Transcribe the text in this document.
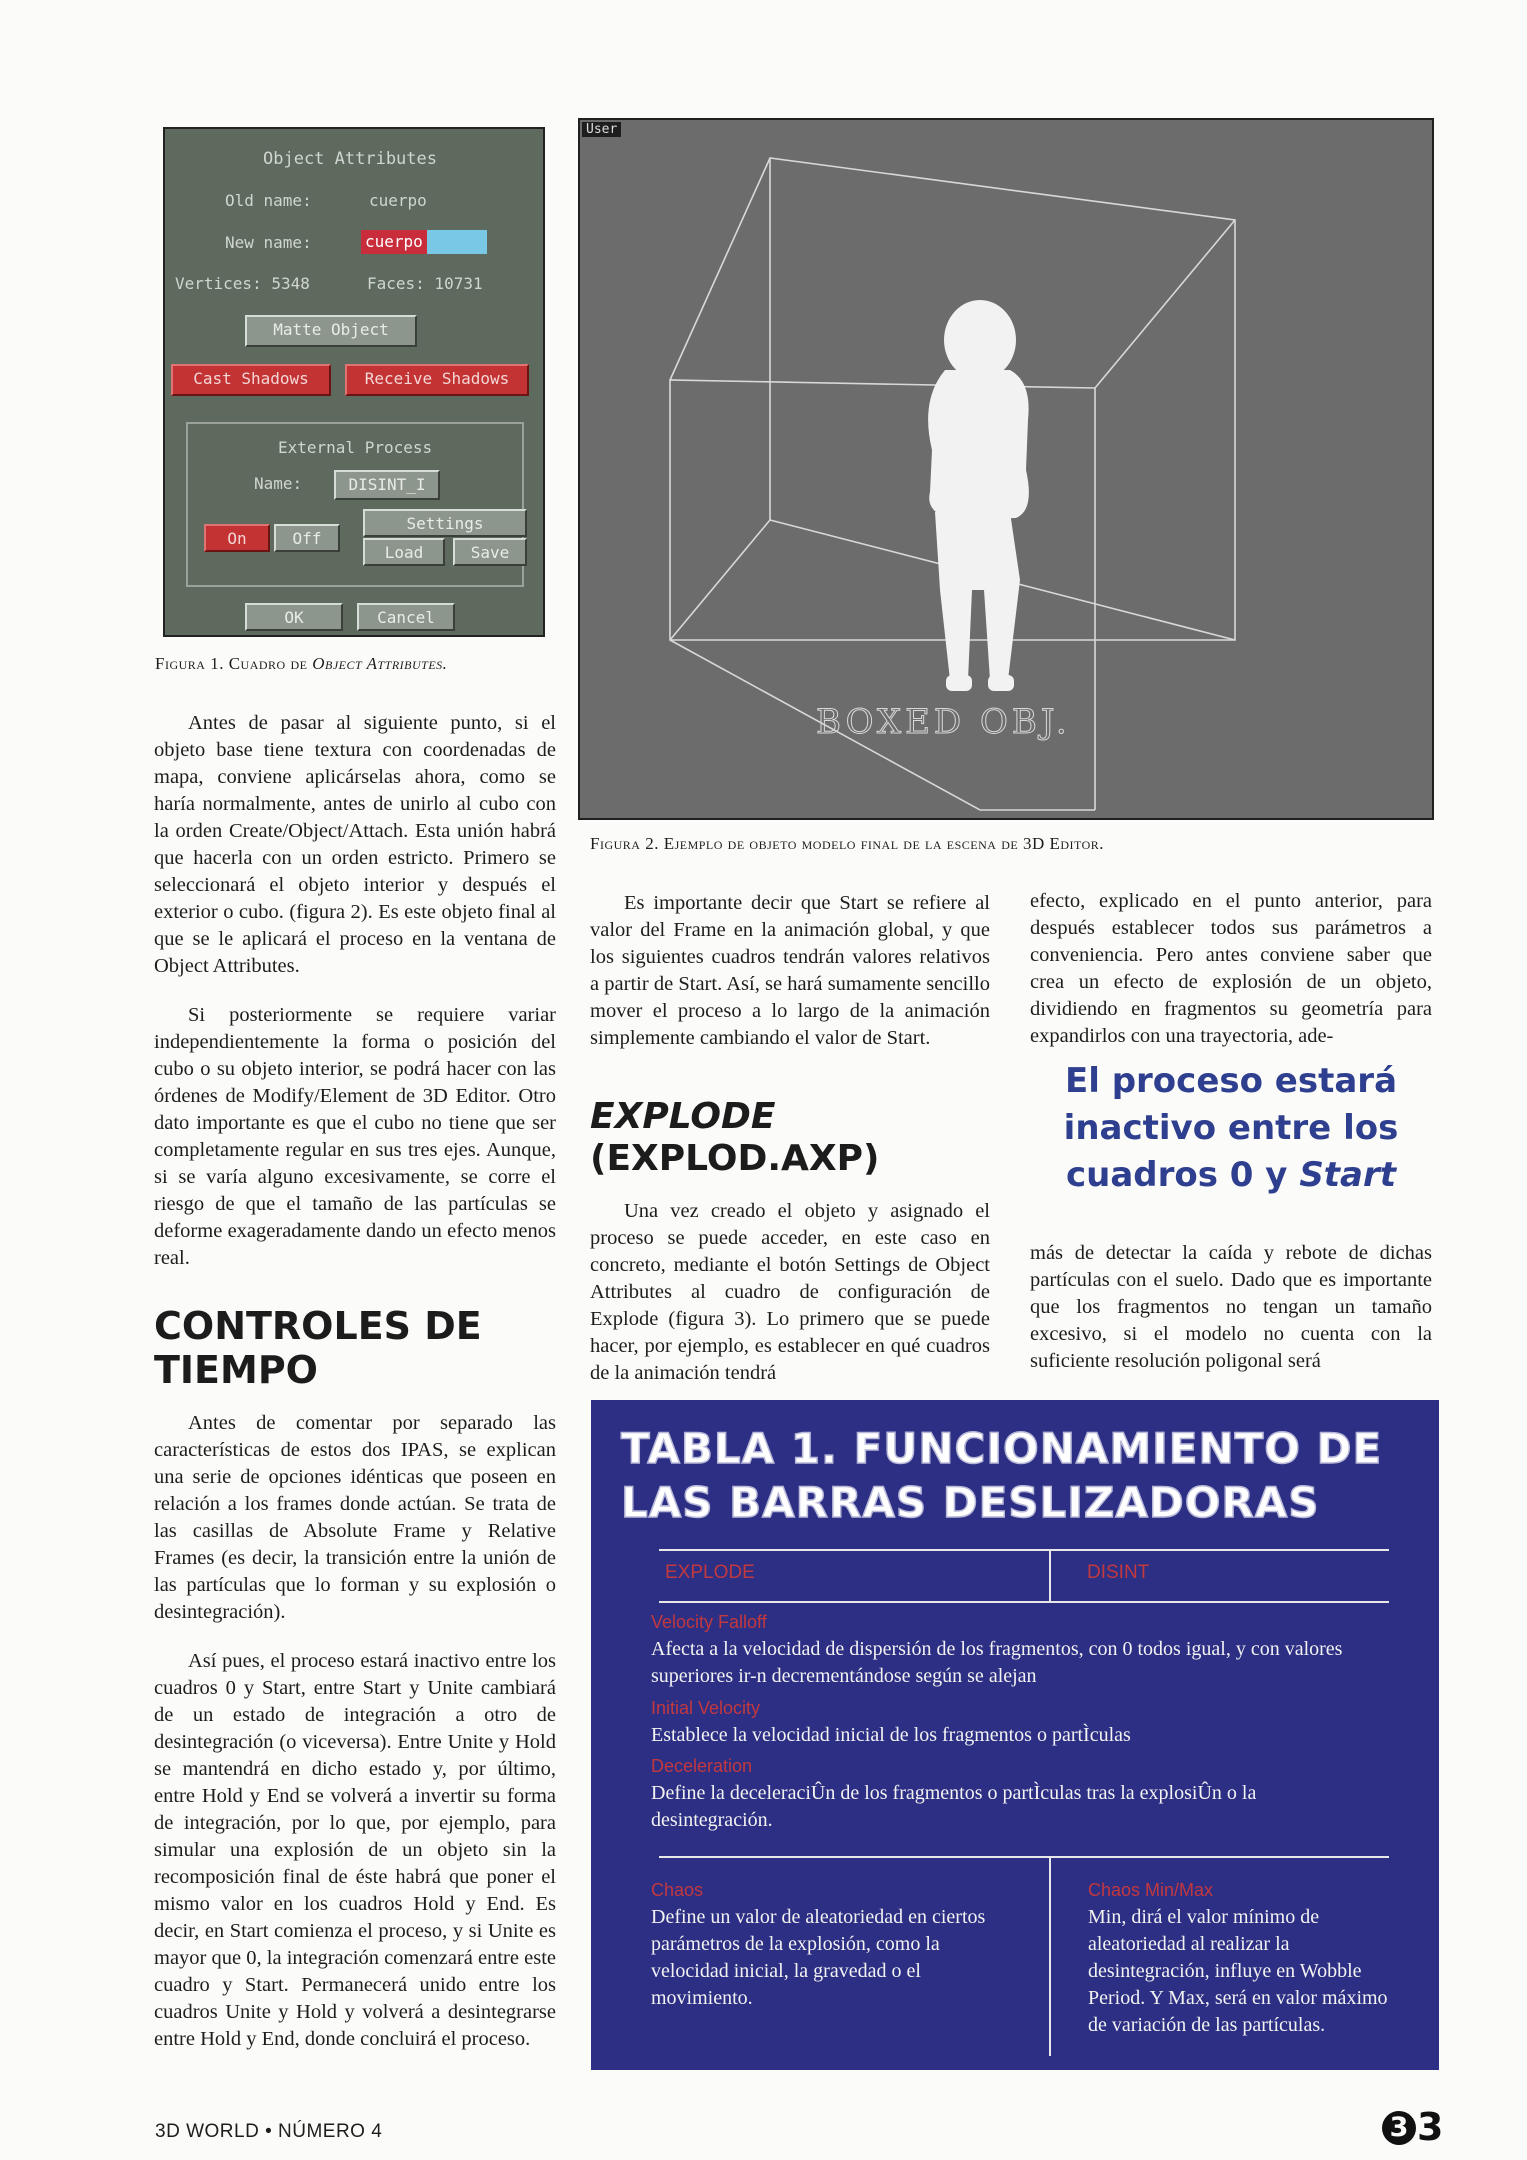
Object Attributes
Old name:	cuerpo
New name:	cuerpo
Vertices: 5348	Faces: 10731
Matte Object
Cast Shadows	Receive Shadows
External Process
Name:	DISINT_I
Settings
Load	Save
On	Off
OK	Cancel
Figura 1. Cuadro de Object Attributes.
User
BOXED OBJ.
Figura 2. Ejemplo de objeto modelo final de la escena de 3D Editor.

Antes de pasar al siguiente punto, si el objeto base tiene textura con coordenadas de mapa, conviene aplicárselas ahora, como se haría normalmente, antes de unirlo al cubo con la orden Create/Object/Attach. Esta unión habrá que hacerla con un orden estricto. Primero se seleccionará el objeto interior y después el exterior o cubo. (figura 2). Es este objeto final al que se le aplicará el proceso en la ventana de Object Attributes.

Si posteriormente se requiere variar independientemente la forma o posición del cubo o su objeto interior, se podrá hacer con las órdenes de Modify/Element de 3D Editor. Otro dato importante es que el cubo no tiene que ser completamente regular en sus tres ejes. Aunque, si se varía alguno excesivamente, se corre el riesgo de que el tamaño de las partículas se deforme exageradamente dando un efecto menos real.

CONTROLES DE TIEMPO

Antes de comentar por separado las características de estos dos IPAS, se explican una serie de opciones idénticas que poseen en relación a los frames donde actúan. Se trata de las casillas de Absolute Frame y Relative Frames (es decir, la transición entre la unión de las partículas que lo forman y su explosión o desintegración).

Así pues, el proceso estará inactivo entre los cuadros 0 y Start, entre Start y Unite cambiará de un estado de integración a otro de desintegración (o viceversa). Entre Unite y Hold se mantendrá en dicho estado y, por último, entre Hold y End se volverá a invertir su forma de integración, por lo que, por ejemplo, para simular una explosión de un objeto sin la recomposición final de éste habrá que poner el mismo valor en los cuadros Hold y End. Es decir, en Start comienza el proceso, y si Unite es mayor que 0, la integración comenzará entre este cuadro y Start. Permanecerá unido entre los cuadros Unite y Hold y volverá a desintegrarse entre Hold y End, donde concluirá el proceso.

Es importante decir que Start se refiere al valor del Frame en la animación global, y que los siguientes cuadros tendrán valores relativos a partir de Start. Así, se hará sumamente sencillo mover el proceso a lo largo de la animación simplemente cambiando el valor de Start.

EXPLODE
(EXPLOD.AXP)

Una vez creado el objeto y asignado el proceso se puede acceder, en este caso en concreto, mediante el botón Settings de Object Attributes al cuadro de configuración de Explode (figura 3). Lo primero que se puede hacer, por ejemplo, es establecer en qué cuadros de la animación tendrá

efecto, explicado en el punto anterior, para después establecer todos sus parámetros a conveniencia. Pero antes conviene saber que crea un efecto de explosión de un objeto, dividiendo en fragmentos su geometría para expandirlos con una trayectoria, ade-

El proceso estará
inactivo entre los
cuadros 0 y Start

más de detectar la caída y rebote de dichas partículas con el suelo. Dado que es importante que los fragmentos no tengan un tamaño excesivo, si el modelo no cuenta con la suficiente resolución poligonal será

TABLA 1. FUNCIONAMIENTO DE
LAS BARRAS DESLIZADORAS
EXPLODE	DISINT
Velocity Falloff
Afecta a la velocidad de dispersión de los fragmentos, con 0 todos igual, y con valores superiores ir-n decrementándose según se alejan
Initial Velocity
Establece la velocidad inicial de los fragmentos o partÌculas
Deceleration
Define la deceleraciÛn de los fragmentos o partÌculas tras la explosiÛn o la desintegración.
Chaos
Define un valor de aleatoriedad en ciertos parámetros de la explosión, como la velocidad inicial, la gravedad o el movimiento.
Chaos Min/Max
Min, dirá el valor mínimo de aleatoriedad al realizar la desintegración, influye en Wobble Period. Y Max, será en valor máximo de variación de las partículas.
3D WORLD • NÚMERO 4	3 3
